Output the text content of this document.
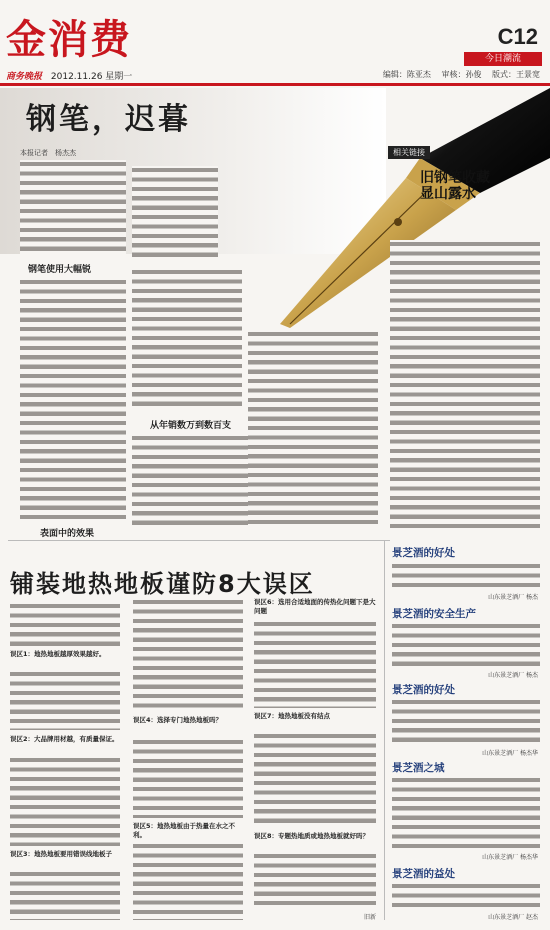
金消费	C12
今日潮流
商务晚报 2012.11.26 星期一	编辑：陈亚杰　 审核：孙俊　 版式：王景宽
钢笔，迟暮
本报记者　杨杰杰	相关链接
旧钢笔收藏显山露水
钢笔使用大幅锐
表面中的效果
从年销数万到数百支
铺装地热地板谨防8大误区
误区1：地热地板越厚效果越好。
误区2：大品牌用材越，有质量保证。
误区3：地热地板要用错误线地板子
误区4：选择专门地热地板吗？
误区5：地热地板由于热量在水之不利。
误区6：选用合适地面的传热化问题下是大问题
误区7：地热地板没有结点
误区8：专题热地质或地热地板就好吗？
旧新
景芝酒的好处
山东景芝酒厂 杨杰
景芝酒的安全生产
山东景芝酒厂 杨杰
景芝酒的好处
山东景芝酒厂 杨杰华
景芝酒之城
山东景芝酒厂 杨杰华
景芝酒的益处
山东景芝酒厂 赵杰
